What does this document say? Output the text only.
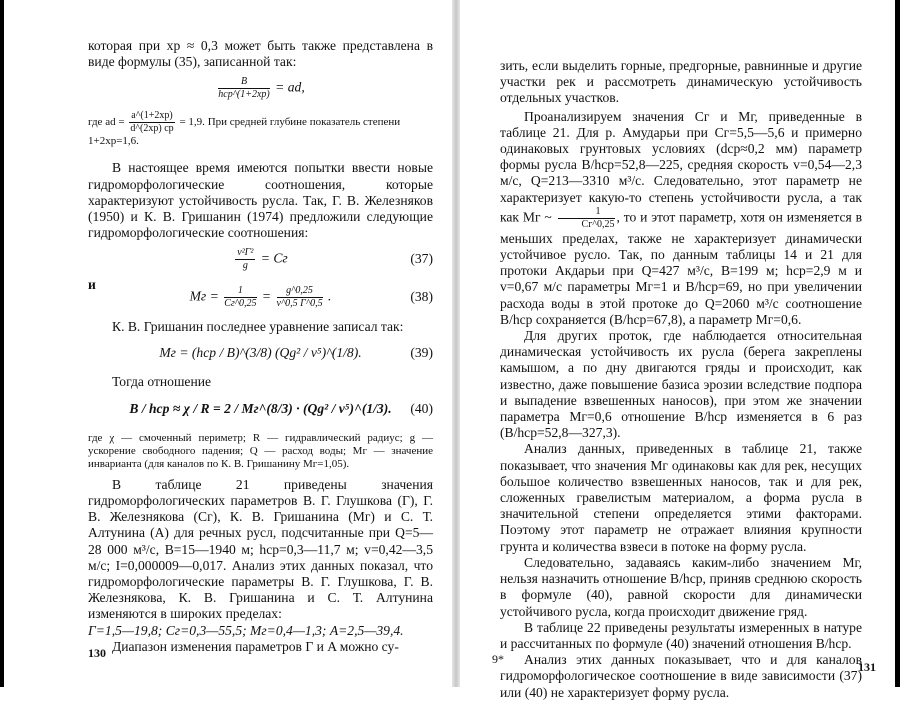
которая при xр ≈ 0,3 может быть также представлена в виде формулы (35), записанной так:

$\frac{B}{\text{hср\textasciicircum{}(1+2xр)}}$ = ad,
где ad = $\frac{a\^{}(1+2xр)}{d\^{}(2xр) cp} = 1,9$. При средней глубине показатель степени 1+2xр=1,6.

В настоящее время имеются попытки ввести новые гидроморфологические соотношения, которые характеризуют устойчивость русла. Так, Г. В. Железняков (1950) и К. В. Гришанин (1974) предложили следующие гидроморфологические соотношения:

$\frac{\text{v²Г²}}{g}$ = Cг	(37)
и
Mг = $\frac{1}{Cг\^{}0,25} = \frac{g\^{}0,25}{v\^{}0,5 Г\^{}0,5}$ .	(38)

К. В. Гришанин последнее уравнение записал так:

Mг = (hср / B)^(3/8) (Qg² / v⁵)^(1/8).	(39)

Тогда отношение

B / hср ≈ χ / R = 2 / Mг^(8/3) · (Qg² / v⁵)^(1/3).	(40)

где χ — смоченный периметр; R — гидравлический радиус; g — ускорение свободного падения; Q — расход воды; Mг — значение инварианта (для каналов по К. В. Гришанину Mг=1,05).

В таблице 21 приведены значения гидроморфологических параметров В. Г. Глушкова (Г), Г. В. Железнякова (Cг), К. В. Гришанина (Mг) и С. Т. Алтунина (A) для речных русл, подсчитанные при Q=5—28 000 м³/с, B=15—1940 м; hср=0,3—11,7 м; v=0,42—3,5 м/с; I=0,000009—0,017. Анализ этих данных показал, что гидроморфологические параметры В. Г. Глушкова, Г. В. Железнякова, К. В. Гришанина и С. Т. Алтунина изменяются в широких пределах:

Г=1,5—19,8; Cг=0,3—55,5; Mг=0,4—1,3; A=2,5—39,4.

Диапазон изменения параметров Г и A можно су-

130

зить, если выделить горные, предгорные, равнинные и другие участки рек и рассмотреть динамическую устойчивость отдельных участков.

Проанализируем значения Cг и Mг, приведенные в таблице 21. Для р. Амударьи при Cг=5,5—5,6 и примерно одинаковых грунтовых условиях (dср≈0,2 мм) параметр формы русла B/hср=52,8—225, средняя скорость v=0,54—2,3 м/с, Q=213—3310 м³/с. Следовательно, этот параметр не характеризует какую-то степень устойчивости русла, а так как Mг ~ $\frac{1}{Cг\^{}0,25}$ , то и этот параметр, хотя он изменяется в меньших пределах, также не характеризует динамически устойчивое русло. Так, по данным таблицы 14 и 21 для протоки Акдарьи при Q=427 м³/с, B=199 м; hср=2,9 м и v=0,67 м/с параметры Mг=1 и B/hср=69, но при увеличении расхода воды в этой протоке до Q=2060 м³/с соотношение B/hср сохраняется (B/hср=67,8), а параметр Mг=0,6.

Для других проток, где наблюдается относительная динамическая устойчивость их русла (берега закреплены камышом, а по дну двигаются гряды и происходит, как известно, даже повышение базиса эрозии вследствие подпора и выпадение взвешенных наносов), при этом же значении параметра Mг=0,6 отношение B/hср изменяется в 6 раз (B/hср=52,8—327,3).

Анализ данных, приведенных в таблице 21, также показывает, что значения Mг одинаковы как для рек, несущих большое количество взвешенных наносов, так и для рек, сложенных гравелистым материалом, а форма русла в значительной степени определяется этими факторами. Поэтому этот параметр не отражает влияния крупности грунта и количества взвеси в потоке на форму русла.

Следовательно, задаваясь каким-либо значением Mг, нельзя назначить отношение B/hср, приняв среднюю скорость в формуле (40), равной скорости для динамически устойчивого русла, когда происходит движение гряд.

В таблице 22 приведены результаты измеренных в натуре и рассчитанных по формуле (40) значений отношения B/hср.

Анализ этих данных показывает, что и для каналов гидроморфологическое соотношение в виде зависимости (37) или (40) не характеризует форму русла.

9*
131
